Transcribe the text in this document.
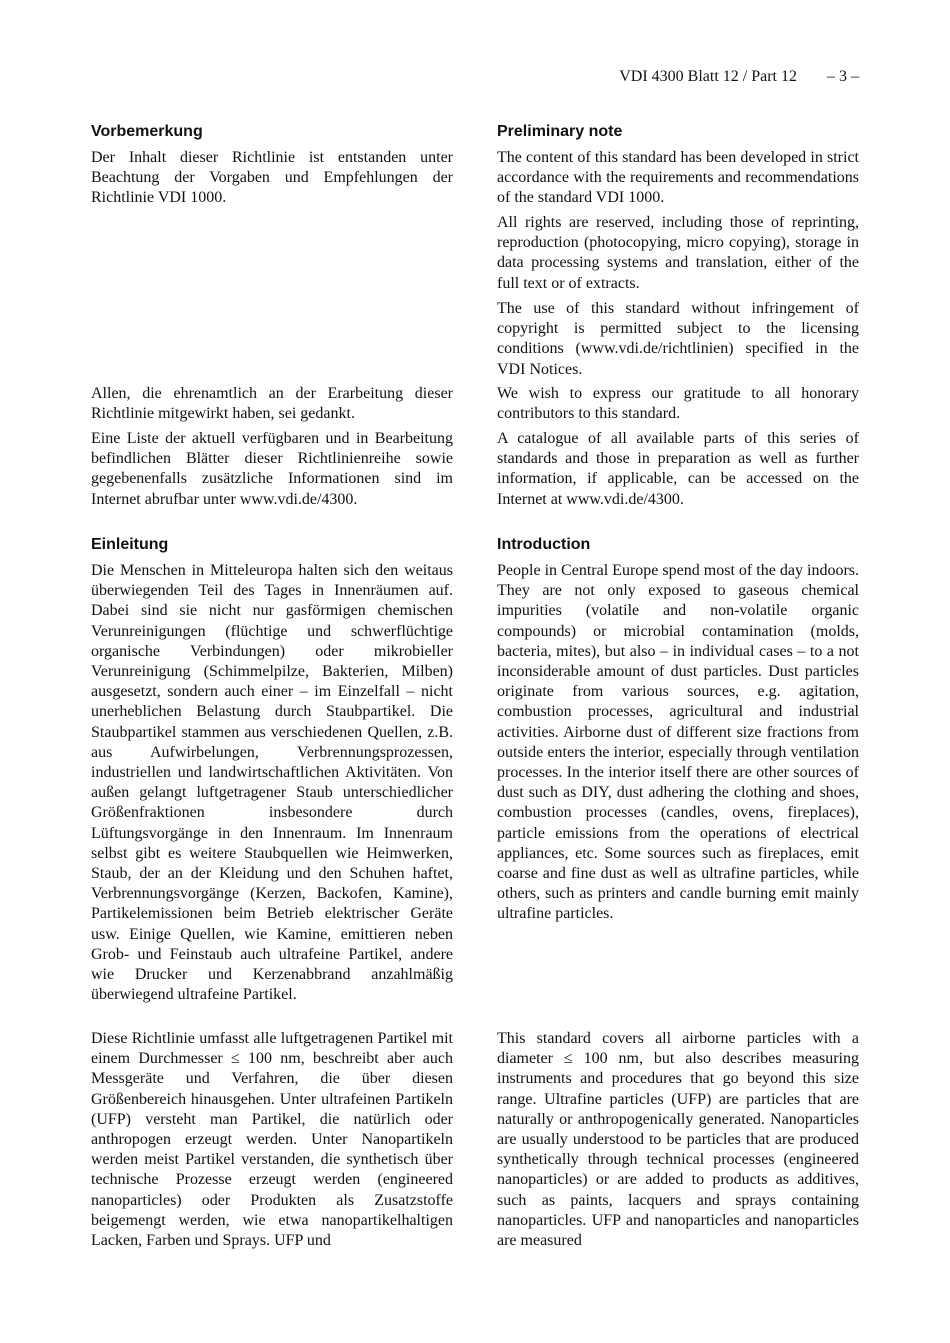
VDI 4300 Blatt 12 / Part 12 – 3 –
Vorbemerkung

Der Inhalt dieser Richtlinie ist entstanden unter Beachtung der Vorgaben und Empfehlungen der Richtlinie VDI 1000.

Allen, die ehrenamtlich an der Erarbeitung dieser Richtlinie mitgewirkt haben, sei gedankt.

Eine Liste der aktuell verfügbaren und in Bearbeitung befindlichen Blätter dieser Richtlinienreihe sowie gegebenenfalls zusätzliche Informationen sind im Internet abrufbar unter www.vdi.de/4300.

Einleitung

Die Menschen in Mitteleuropa halten sich den weitaus überwiegenden Teil des Tages in Innenräumen auf. Dabei sind sie nicht nur gasförmigen chemischen Verunreinigungen (flüchtige und schwerflüchtige organische Verbindungen) oder mikrobieller Verunreinigung (Schimmelpilze, Bakterien, Milben) ausgesetzt, sondern auch einer – im Einzelfall – nicht unerheblichen Belastung durch Staubpartikel. Die Staubpartikel stammen aus verschiedenen Quellen, z.B. aus Aufwirbelungen, Verbrennungsprozessen, industriellen und landwirtschaftlichen Aktivitäten. Von außen gelangt luftgetragener Staub unterschiedlicher Größenfraktionen insbesondere durch Lüftungsvorgänge in den Innenraum. Im Innenraum selbst gibt es weitere Staubquellen wie Heimwerken, Staub, der an der Kleidung und den Schuhen haftet, Verbrennungsvorgänge (Kerzen, Backofen, Kamine), Partikelemissionen beim Betrieb elektrischer Geräte usw. Einige Quellen, wie Kamine, emittieren neben Grob- und Feinstaub auch ultrafeine Partikel, andere wie Drucker und Kerzenabbrand anzahlmäßig überwiegend ultrafeine Partikel.

Diese Richtlinie umfasst alle luftgetragenen Partikel mit einem Durchmesser ≤ 100 nm, beschreibt aber auch Messgeräte und Verfahren, die über diesen Größenbereich hinausgehen. Unter ultrafeinen Partikeln (UFP) versteht man Partikel, die natürlich oder anthropogen erzeugt werden. Unter Nanopartikeln werden meist Partikel verstanden, die synthetisch über technische Prozesse erzeugt werden (engineered nanoparticles) oder Produkten als Zusatzstoffe beigemengt werden, wie etwa nanopartikelhaltigen Lacken, Farben und Sprays. UFP und

Preliminary note

The content of this standard has been developed in strict accordance with the requirements and recommendations of the standard VDI 1000.

All rights are reserved, including those of reprinting, reproduction (photocopying, micro copying), storage in data processing systems and translation, either of the full text or of extracts.

The use of this standard without infringement of copyright is permitted subject to the licensing conditions (www.vdi.de/richtlinien) specified in the VDI Notices.

We wish to express our gratitude to all honorary contributors to this standard.

A catalogue of all available parts of this series of standards and those in preparation as well as further information, if applicable, can be accessed on the Internet at www.vdi.de/4300.

Introduction

People in Central Europe spend most of the day indoors. They are not only exposed to gaseous chemical impurities (volatile and non-volatile organic compounds) or microbial contamination (molds, bacteria, mites), but also – in individual cases – to a not inconsiderable amount of dust particles. Dust particles originate from various sources, e.g. agitation, combustion processes, agricultural and industrial activities. Airborne dust of different size fractions from outside enters the interior, especially through ventilation processes. In the interior itself there are other sources of dust such as DIY, dust adhering the clothing and shoes, combustion processes (candles, ovens, fireplaces), particle emissions from the operations of electrical appliances, etc. Some sources such as fireplaces, emit coarse and fine dust as well as ultrafine particles, while others, such as printers and candle burning emit mainly ultrafine particles.

This standard covers all airborne particles with a diameter ≤ 100 nm, but also describes measuring instruments and procedures that go beyond this size range. Ultrafine particles (UFP) are particles that are naturally or anthropogenically generated. Nanoparticles are usually understood to be particles that are produced synthetically through technical processes (engineered nanoparticles) or are added to products as additives, such as paints, lacquers and sprays containing nanoparticles. UFP and nanoparticles and nanoparticles are measured
